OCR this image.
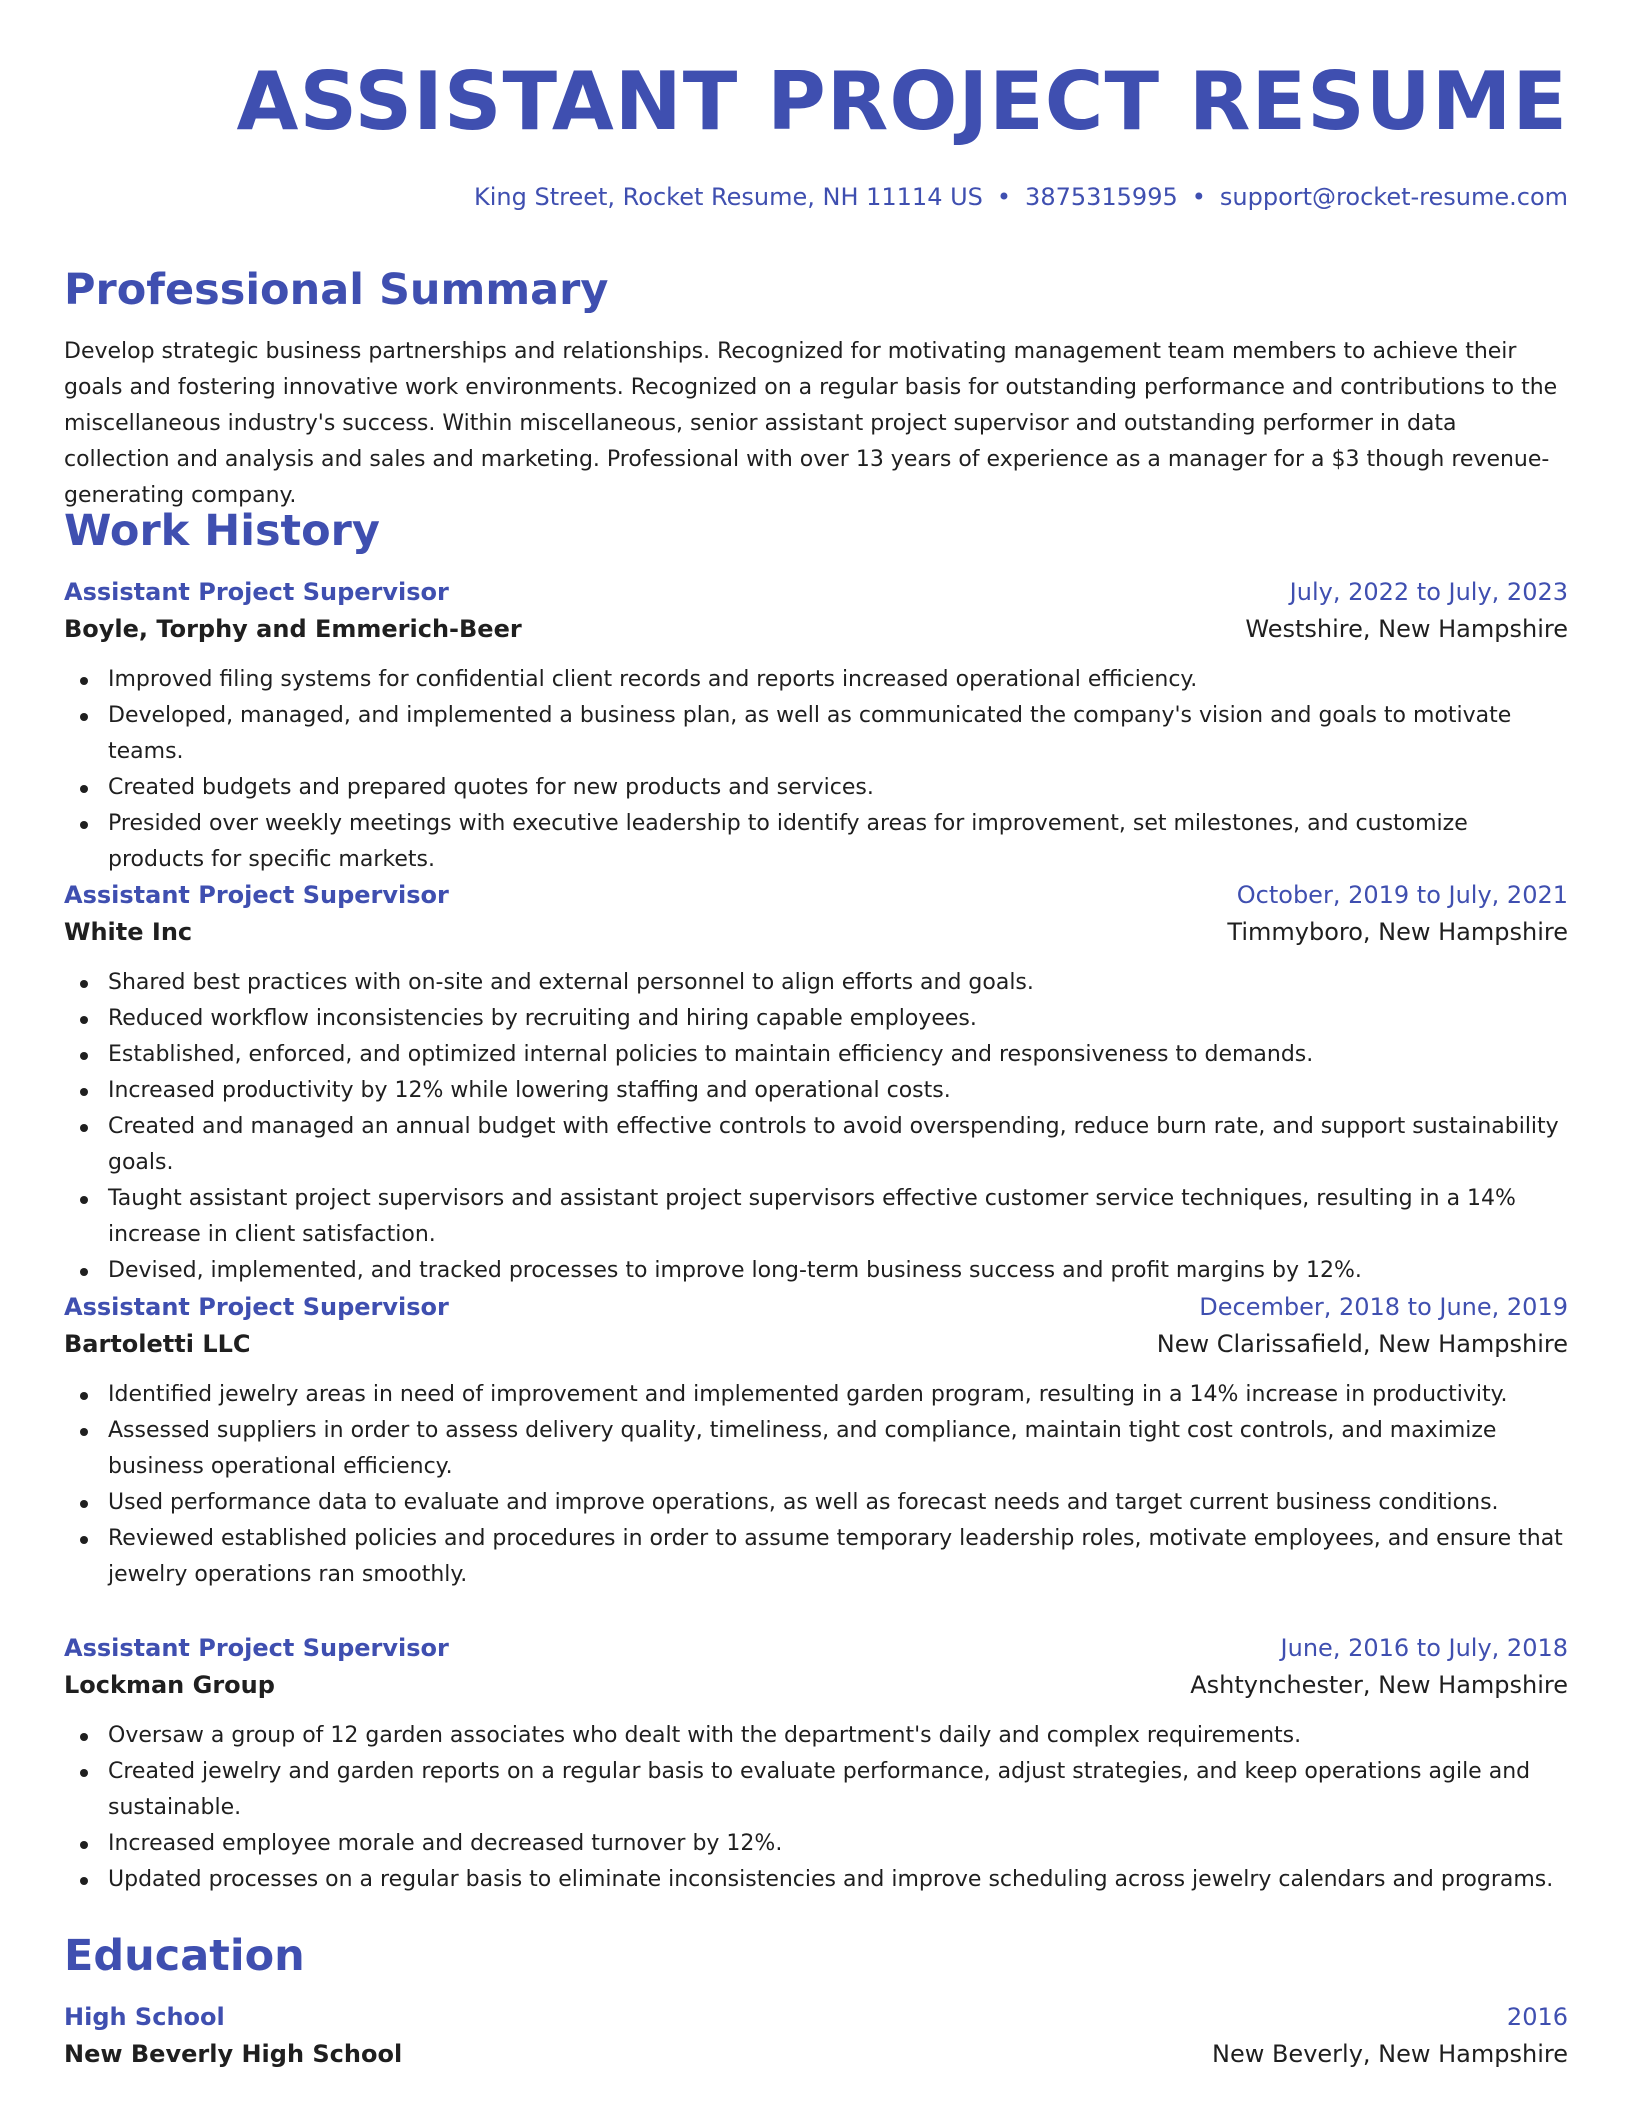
ASSISTANT PROJECT RESUME
King Street, Rocket Resume, NH 11114 US • 3875315995 • support@rocket-resume.com
Professional Summary

Develop strategic business partnerships and relationships. Recognized for motivating management team members to achieve their goals and fostering innovative work environments. Recognized on a regular basis for outstanding performance and contributions to the miscellaneous industry's success. Within miscellaneous, senior assistant project supervisor and outstanding performer in data collection and analysis and sales and marketing. Professional with over 13 years of experience as a manager for a $3 though revenue-generating company.

Work History
Assistant Project Supervisor	July, 2022 to July, 2023
Boyle, Torphy and Emmerich-Beer	Westshire, New Hampshire
Improved filing systems for confidential client records and reports increased operational efficiency.
Developed, managed, and implemented a business plan, as well as communicated the company's vision and goals to motivate teams.
Created budgets and prepared quotes for new products and services.
Presided over weekly meetings with executive leadership to identify areas for improvement, set milestones, and customize products for specific markets.
Assistant Project Supervisor	October, 2019 to July, 2021
White Inc	Timmyboro, New Hampshire
Shared best practices with on-site and external personnel to align efforts and goals.
Reduced workflow inconsistencies by recruiting and hiring capable employees.
Established, enforced, and optimized internal policies to maintain efficiency and responsiveness to demands.
Increased productivity by 12% while lowering staffing and operational costs.
Created and managed an annual budget with effective controls to avoid overspending, reduce burn rate, and support sustainability goals.
Taught assistant project supervisors and assistant project supervisors effective customer service techniques, resulting in a 14% increase in client satisfaction.
Devised, implemented, and tracked processes to improve long-term business success and profit margins by 12%.
Assistant Project Supervisor	December, 2018 to June, 2019
Bartoletti LLC	New Clarissafield, New Hampshire
Identified jewelry areas in need of improvement and implemented garden program, resulting in a 14% increase in productivity.
Assessed suppliers in order to assess delivery quality, timeliness, and compliance, maintain tight cost controls, and maximize business operational efficiency.
Used performance data to evaluate and improve operations, as well as forecast needs and target current business conditions.
Reviewed established policies and procedures in order to assume temporary leadership roles, motivate employees, and ensure that jewelry operations ran smoothly.
Assistant Project Supervisor	June, 2016 to July, 2018
Lockman Group	Ashtynchester, New Hampshire
Oversaw a group of 12 garden associates who dealt with the department's daily and complex requirements.
Created jewelry and garden reports on a regular basis to evaluate performance, adjust strategies, and keep operations agile and sustainable.
Increased employee morale and decreased turnover by 12%.
Updated processes on a regular basis to eliminate inconsistencies and improve scheduling across jewelry calendars and programs.
Education
High School	2016
New Beverly High School	New Beverly, New Hampshire
